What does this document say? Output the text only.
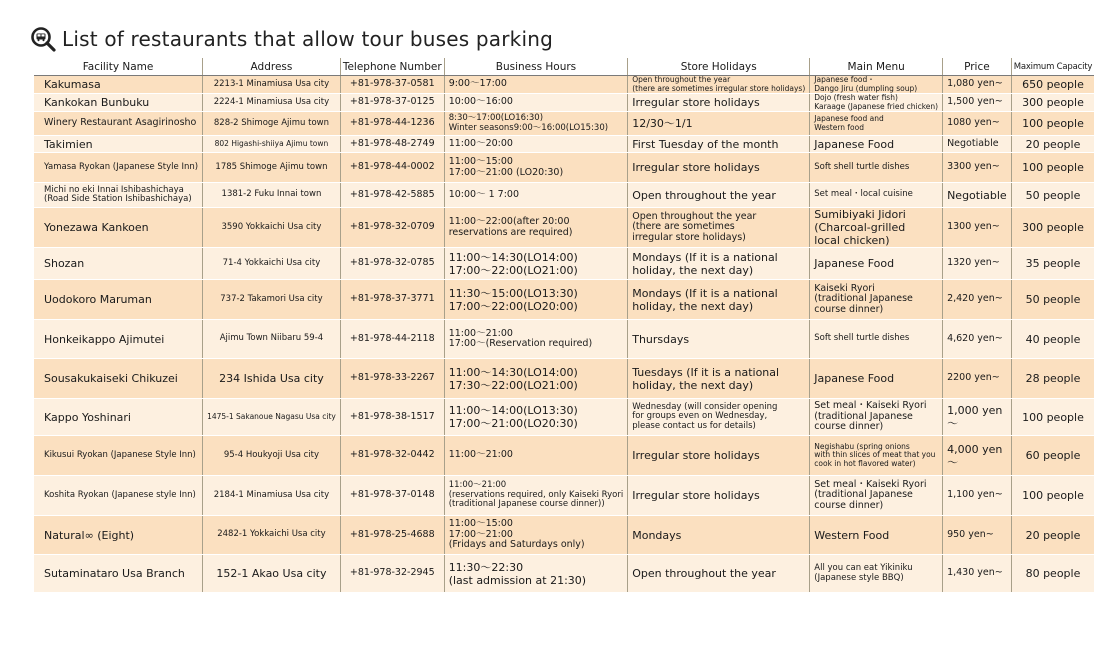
List of restaurants that allow tour buses parking
Facility Name	Address	Telephone Number	Business Hours	Store Holidays	Main Menu	Price	Maximum Capacity

Kakumasa	2213-1 Minamiusa Usa city	+81-978-37-0581	9:00～17:00	Open throughout the year
(there are sometimes irregular store holidays)	Japanese food・
Dango Jiru (dumpling soup)	1,080 yen~	650 people

Kankokan Bunbuku	2224-1 Minamiusa Usa city	+81-978-37-0125	10:00～16:00	Irregular store holidays	Dojo (fresh water fish)
Karaage (Japanese fried chicken)	1,500 yen~	300 people

Winery Restaurant Asagirinosho	828-2 Shimoge Ajimu town	+81-978-44-1236	8:30～17:00(LO16:30)
Winter seasons9:00～16:00(LO15:30)	12/30～1/1	Japanese food and
Western food	1080 yen~	100 people

Takimien	802 Higashi-shiiya Ajimu town	+81-978-48-2749	11:00～20:00	First Tuesday of the month	Japanese Food	Negotiable	20 people

Yamasa Ryokan (Japanese Style Inn)	1785 Shimoge Ajimu town	+81-978-44-0002	11:00～15:00
17:00～21:00 (LO20:30)	Irregular store holidays	Soft shell turtle dishes	3300 yen~	100 people

Michi no eki Innai Ishibashichaya
(Road Side Station Ishibashichaya)	1381-2 Fuku Innai town	+81-978-42-5885	10:00～ 1 7:00	Open throughout the year	Set meal・local cuisine	Negotiable	50 people

Yonezawa Kankoen	3590 Yokkaichi Usa city	+81-978-32-0709	11:00～22:00(after 20:00
reservations are required)	Open throughout the year
(there are sometimes
irregular store holidays)	Sumibiyaki Jidori
(Charcoal-grilled
local chicken)	1300 yen~	300 people

Shozan	71-4 Yokkaichi Usa city	+81-978-32-0785	11:00～14:30(LO14:00)
17:00～22:00(LO21:00)	Mondays (If it is a national
holiday, the next day)	Japanese Food	1320 yen~	35 people

Uodokoro Maruman	737-2 Takamori Usa city	+81-978-37-3771	11:30～15:00(LO13:30)
17:00～22:00(LO20:00)	Mondays (If it is a national
holiday, the next day)	Kaiseki Ryori
(traditional Japanese
course dinner)	2,420 yen~	50 people

Honkeikappo Ajimutei	Ajimu Town Niibaru 59-4	+81-978-44-2118	11:00～21:00
17:00～(Reservation required)	Thursdays	Soft shell turtle dishes	4,620 yen~	40 people

Sousakukaiseki Chikuzei	234 Ishida Usa city	+81-978-33-2267	11:00～14:30(LO14:00)
17:30～22:00(LO21:00)	Tuesdays (If it is a national
holiday, the next day)	Japanese Food	2200 yen~	28 people

Kappo Yoshinari	1475-1 Sakanoue Nagasu Usa city	+81-978-38-1517	11:00～14:00(LO13:30)
17:00～21:00(LO20:30)	Wednesday (will consider opening
for groups even on Wednesday,
please contact us for details)	Set meal・Kaiseki Ryori
(traditional Japanese
course dinner)	1,000 yen～	100 people

Kikusui Ryokan (Japanese Style Inn)	95-4 Houkyoji Usa city	+81-978-32-0442	11:00～21:00	Irregular store holidays	Negishabu (spring onions
with thin slices of meat that you
cook in hot flavored water)	4,000 yen～	60 people

Koshita Ryokan (Japanese style Inn)	2184-1 Minamiusa Usa city	+81-978-37-0148	11:00～21:00
(reservations required, only Kaiseki Ryori
(traditional Japanese course dinner))	Irregular store holidays	Set meal・Kaiseki Ryori
(traditional Japanese
course dinner)	1,100 yen~	100 people

Natural∞ (Eight)	2482-1 Yokkaichi Usa city	+81-978-25-4688	11:00～15:00
17:00～21:00
(Fridays and Saturdays only)	Mondays	Western Food	950 yen~	20 people

Sutaminataro Usa Branch	152-1 Akao Usa city	+81-978-32-2945	11:30～22:30
(last admission at 21:30)	Open throughout the year	All you can eat Yikiniku
(Japanese style BBQ)	1,430 yen~	80 people
